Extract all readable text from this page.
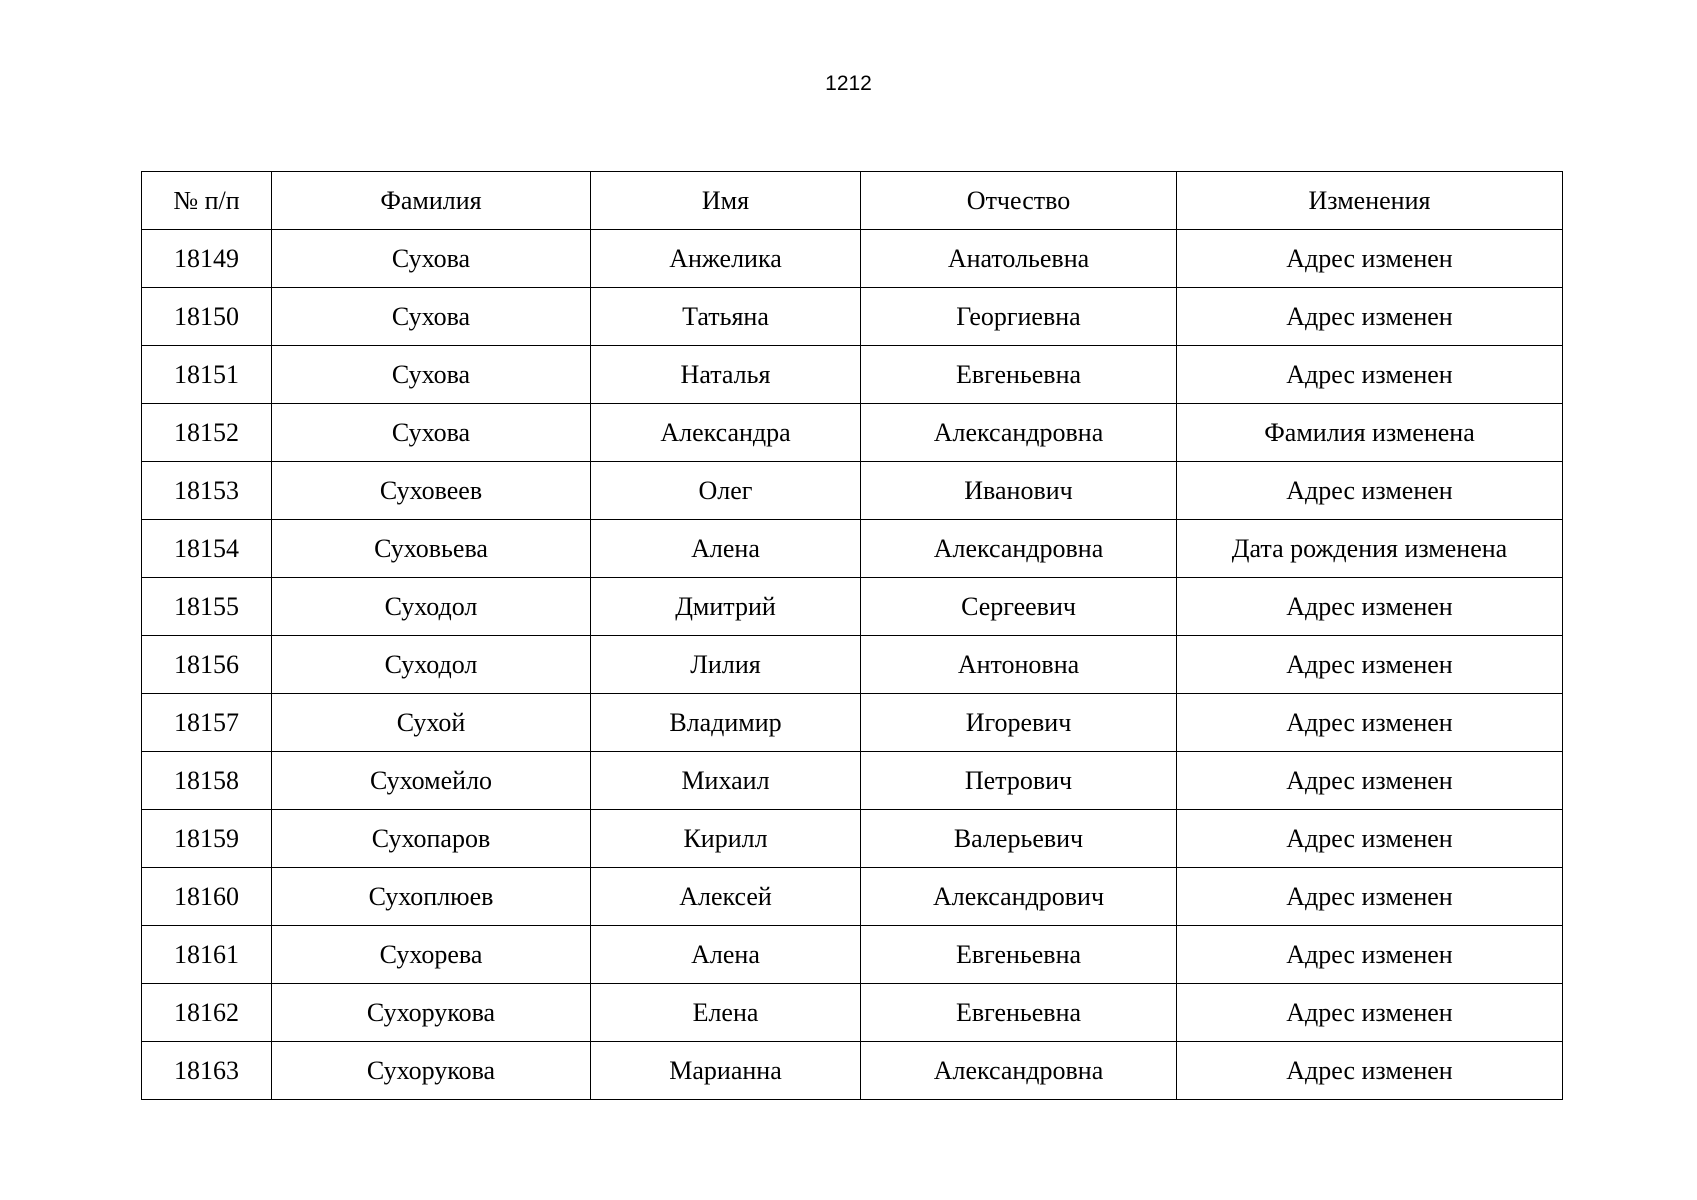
1212
№ п/п	Фамилия	Имя	Отчество	Изменения
18149	Сухова	Анжелика	Анатольевна	Адрес изменен
18150	Сухова	Татьяна	Георгиевна	Адрес изменен
18151	Сухова	Наталья	Евгеньевна	Адрес изменен
18152	Сухова	Александра	Александровна	Фамилия изменена
18153	Суховеев	Олег	Иванович	Адрес изменен
18154	Суховьева	Алена	Александровна	Дата рождения изменена
18155	Суходол	Дмитрий	Сергеевич	Адрес изменен
18156	Суходол	Лилия	Антоновна	Адрес изменен
18157	Сухой	Владимир	Игоревич	Адрес изменен
18158	Сухомейло	Михаил	Петрович	Адрес изменен
18159	Сухопаров	Кирилл	Валерьевич	Адрес изменен
18160	Сухоплюев	Алексей	Александрович	Адрес изменен
18161	Сухорева	Алена	Евгеньевна	Адрес изменен
18162	Сухорукова	Елена	Евгеньевна	Адрес изменен
18163	Сухорукова	Марианна	Александровна	Адрес изменен
